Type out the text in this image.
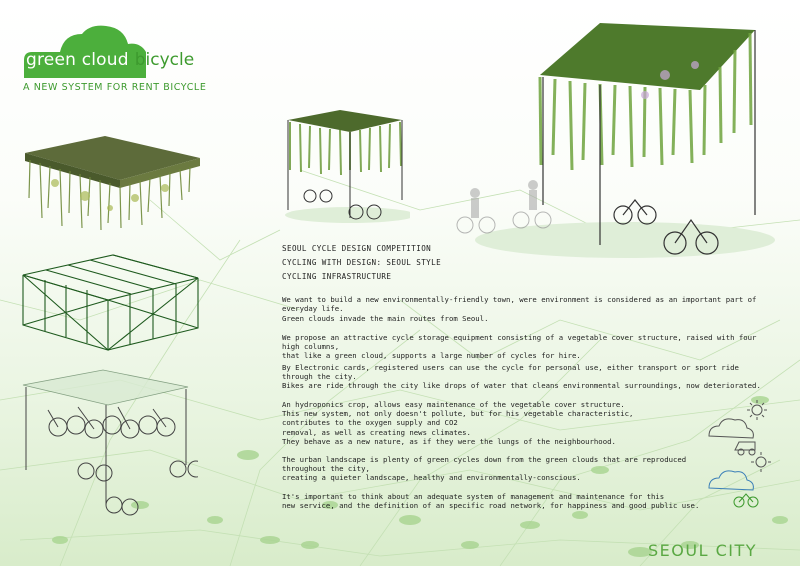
green cloud bicycle
A NEW SYSTEM FOR RENT BICYCLE
SEOUL CYCLE DESIGN COMPETITION
CYCLING WITH DESIGN: SEOUL STYLE
CYCLING INFRASTRUCTURE
We want to build a new environmentally-friendly town, were environment is considered as an important part of everyday life.
Green clouds invade the main routes from Seoul.
We propose an attractive cycle storage equipment consisting of a vegetable cover structure, raised with four high columns,
that like a green cloud, supports a large number of cycles for hire.
By Electronic cards, registered users can use the cycle for personal use, either transport or sport ride through the city.
Bikes are ride through the city like drops of water that cleans environmental surroundings, now deteriorated.
An hydroponics crop, allows easy maintenance of the vegetable cover structure.
This new system, not only doesn't pollute, but for his vegetable characteristic,
contributes to the oxygen supply and CO2
removal, as well as creating news climates.
They behave as a new nature, as if they were the lungs of the neighbourhood.
The urban landscape is plenty of green cycles down from the green clouds that are reproduced
throughout the city,
creating a quieter landscape, healthy and environmentally-conscious.
It's important to think about an adequate system of management and maintenance for this
new service, and the definition of an specific road network, for happiness and good public use.
SEOUL CITY
